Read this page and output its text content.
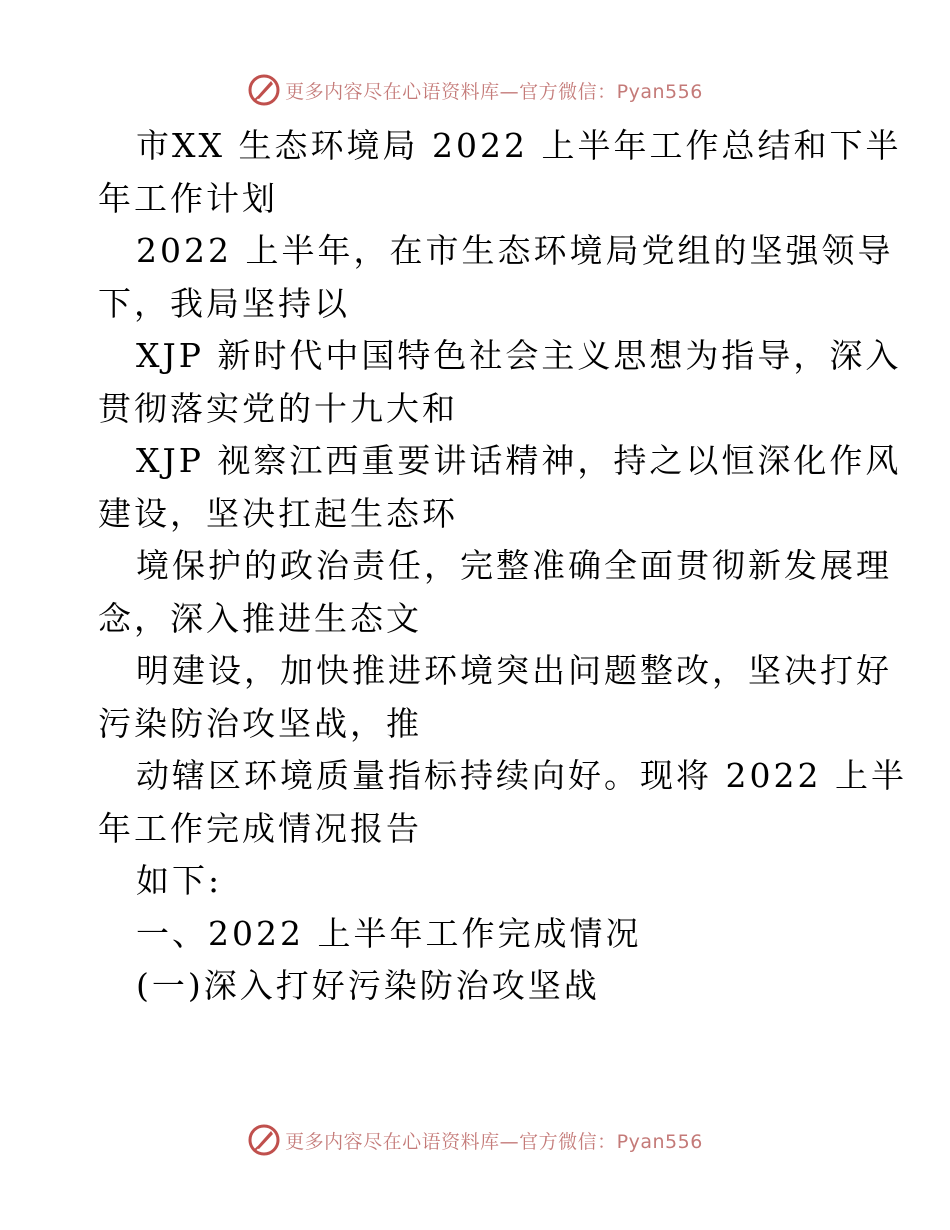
更多内容尽在心语资料库—官方微信：Pyan556
市XX 生态环境局 2022 上半年工作总结和下半
年工作计划
2022 上半年，在市生态环境局党组的坚强领导
下，我局坚持以
XJP 新时代中国特色社会主义思想为指导，深入
贯彻落实党的十九大和
XJP 视察江西重要讲话精神，持之以恒深化作风
建设，坚决扛起生态环
境保护的政治责任，完整准确全面贯彻新发展理
念，深入推进生态文
明建设，加快推进环境突出问题整改，坚决打好
污染防治攻坚战，推
动辖区环境质量指标持续向好。现将 2022 上半
年工作完成情况报告
如下:
一、2022 上半年工作完成情况
(一)深入打好污染防治攻坚战
更多内容尽在心语资料库—官方微信：Pyan556
